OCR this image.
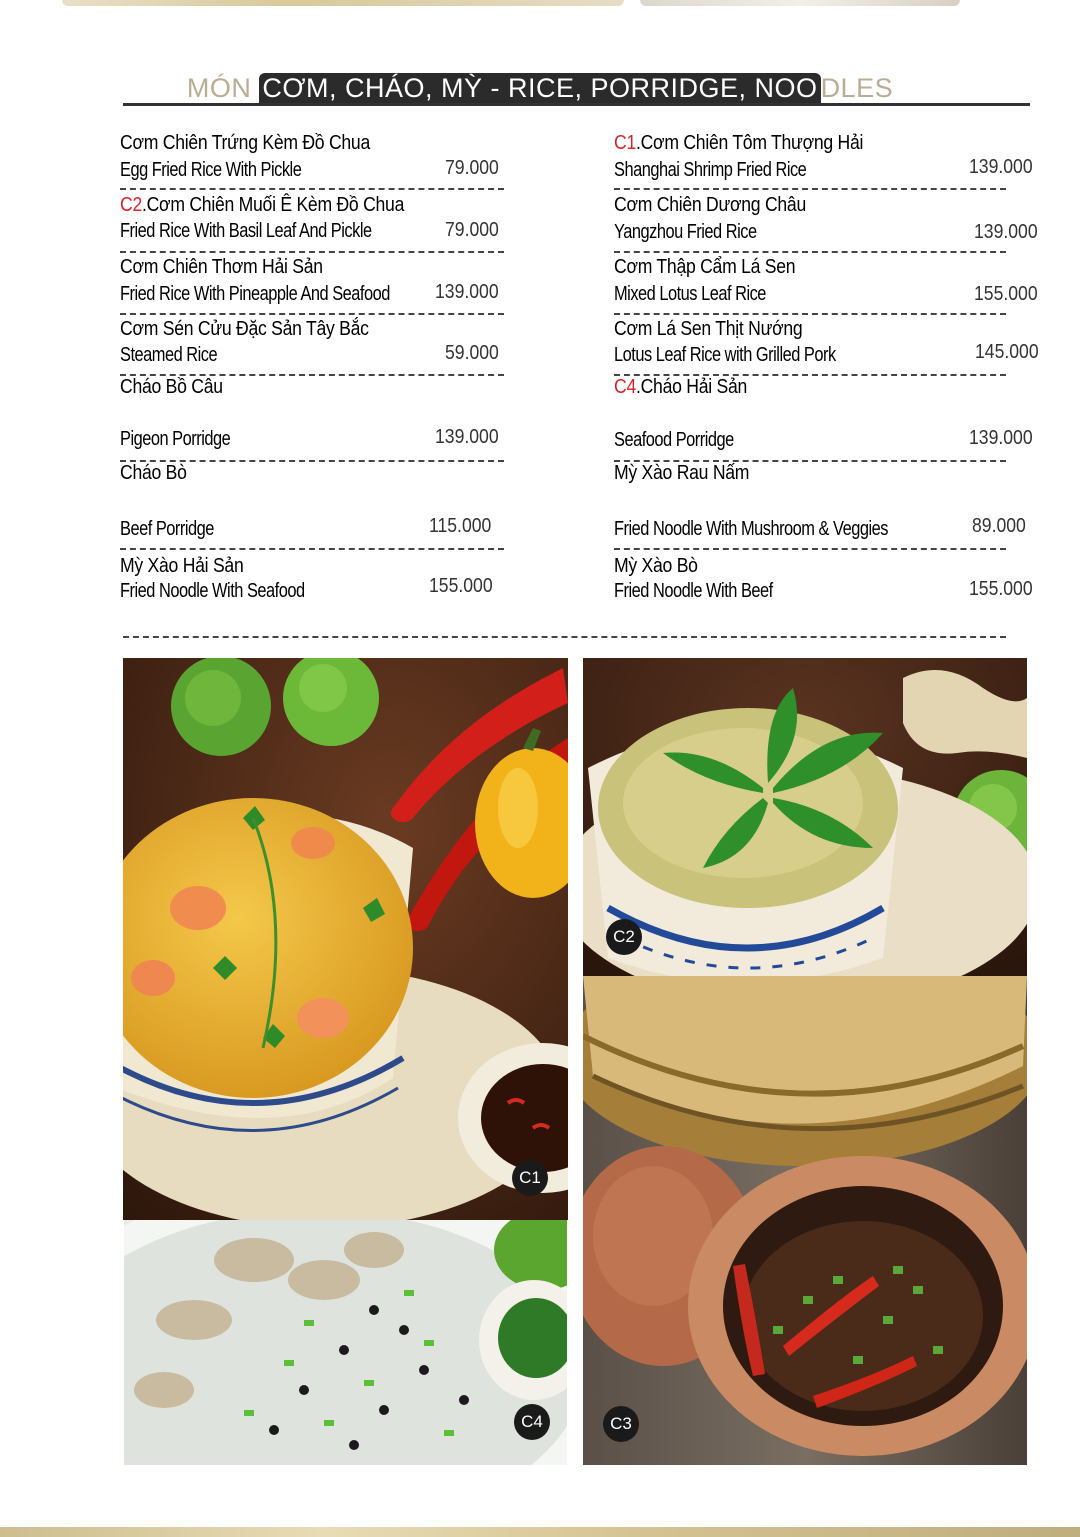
MÓN CƠM, CHÁO, MỲ - RICE, PORRIDGE, NOO DLES
Cơm Chiên Trứng Kèm Đồ Chua
Egg Fried Rice With Pickle	79.000
C2.Cơm Chiên Muối Ê Kèm Đồ Chua
Fried Rice With Basil Leaf And Pickle	79.000
Cơm Chiên Thơm Hải Sản
Fried Rice With Pineapple And Seafood 139.000
Cơm Sén Cửu Đặc Sản Tây Bắc
Steamed Rice	59.000
Cháo Bồ Câu
Pigeon Porridge	139.000
Cháo Bò
Beef Porridge	115.000
Mỳ Xào Hải Sản
Fried Noodle With Seafood	155.000
C1.Cơm Chiên Tôm Thượng Hải
Shanghai Shrimp Fried Rice	139.000
Cơm Chiên Dương Châu
Yangzhou Fried Rice	139.000
Cơm Thập Cẩm Lá Sen
Mixed Lotus Leaf Rice	155.000
Cơm Lá Sen Thịt Nướng
Lotus Leaf Rice with Grilled Pork	145.000
C4.Cháo Hải Sản
Seafood Porridge	139.000
Mỳ Xào Rau Nấm
Fried Noodle With Mushroom & Veggies	89.000
Mỳ Xào Bò
Fried Noodle With Beef	155.000
C1
C2
C3
C4
